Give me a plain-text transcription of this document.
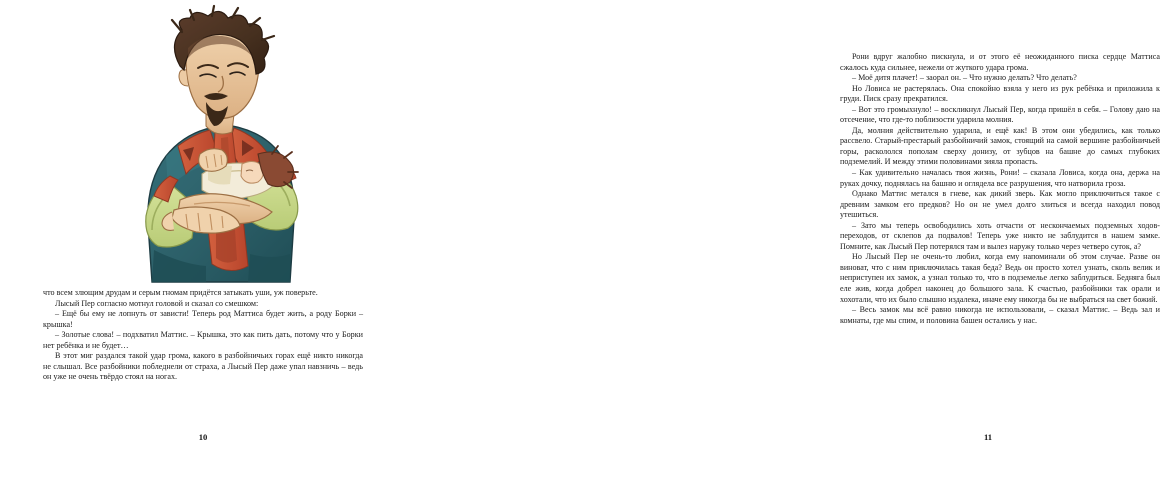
что всем злющим друдам и серым гномам придётся затыкать уши, уж поверьте.

Лысый Пер согласно мотнул головой и сказал со смешком:

– Ещё бы ему не лопнуть от зависти! Теперь род Маттиса будет жить, а роду Борки – крышка!

– Золотые слова! – подхватил Маттис. – Крышка, это как пить дать, потому что у Борки нет ребёнка и не будет…

В этот миг раздался такой удар грома, какого в разбойничьих горах ещё никто никогда не слышал. Все разбойники побледнели от страха, а Лысый Пер даже упал навзничь – ведь он уже не очень твёрдо стоял на ногах.

10

Рони вдруг жалобно пискнула, и от этого её неожиданного писка сердце Маттиса сжалось куда сильнее, нежели от жуткого удара грома.

– Моё дитя плачет! – заорал он. – Что нужно делать? Что делать?

Но Ловиса не растерялась. Она спокойно взяла у него из рук ребёнка и приложила к груди. Писк сразу прекратился.

– Вот это громыхнуло! – воскликнул Лысый Пер, когда пришёл в себя. – Голову даю на отсечение, что где-то поблизости ударила молния.

Да, молния действительно ударила, и ещё как! В этом они убедились, как только рассвело. Старый-престарый разбойничий замок, стоящий на самой вершине разбойничьей горы, раскололся пополам сверху донизу, от зубцов на башне до самых глубоких подземелий. И между этими половинами зияла пропасть.

– Как удивительно началась твоя жизнь, Рони! – сказала Ловиса, когда она, держа на руках дочку, поднялась на башню и оглядела все разрушения, что натворила гроза.

Однако Маттис метался в гневе, как дикий зверь. Как могло приключиться такое с древним замком его предков? Но он не умел долго злиться и всегда находил повод утешиться.

– Зато мы теперь освободились хоть отчасти от нескончаемых подземных ходов-переходов, от склепов да подвалов! Теперь уже никто не заблудится в нашем замке. Помните, как Лысый Пер потерялся там и вылез наружу только через четверо суток, а?

Но Лысый Пер не очень-то любил, когда ему напоминали об этом случае. Разве он виноват, что с ним приключилась такая беда? Ведь он просто хотел узнать, сколь велик и неприступен их замок, а узнал только то, что в подземелье легко заблудиться. Бедняга был еле жив, когда добрел наконец до большого зала. К счастью, разбойники так орали и хохотали, что их было слышно издалека, иначе ему никогда бы не выбраться на свет божий.

– Весь замок мы всё равно никогда не использовали, – сказал Маттис. – Ведь зал и комнаты, где мы спим, и половина башен остались у нас.

11
